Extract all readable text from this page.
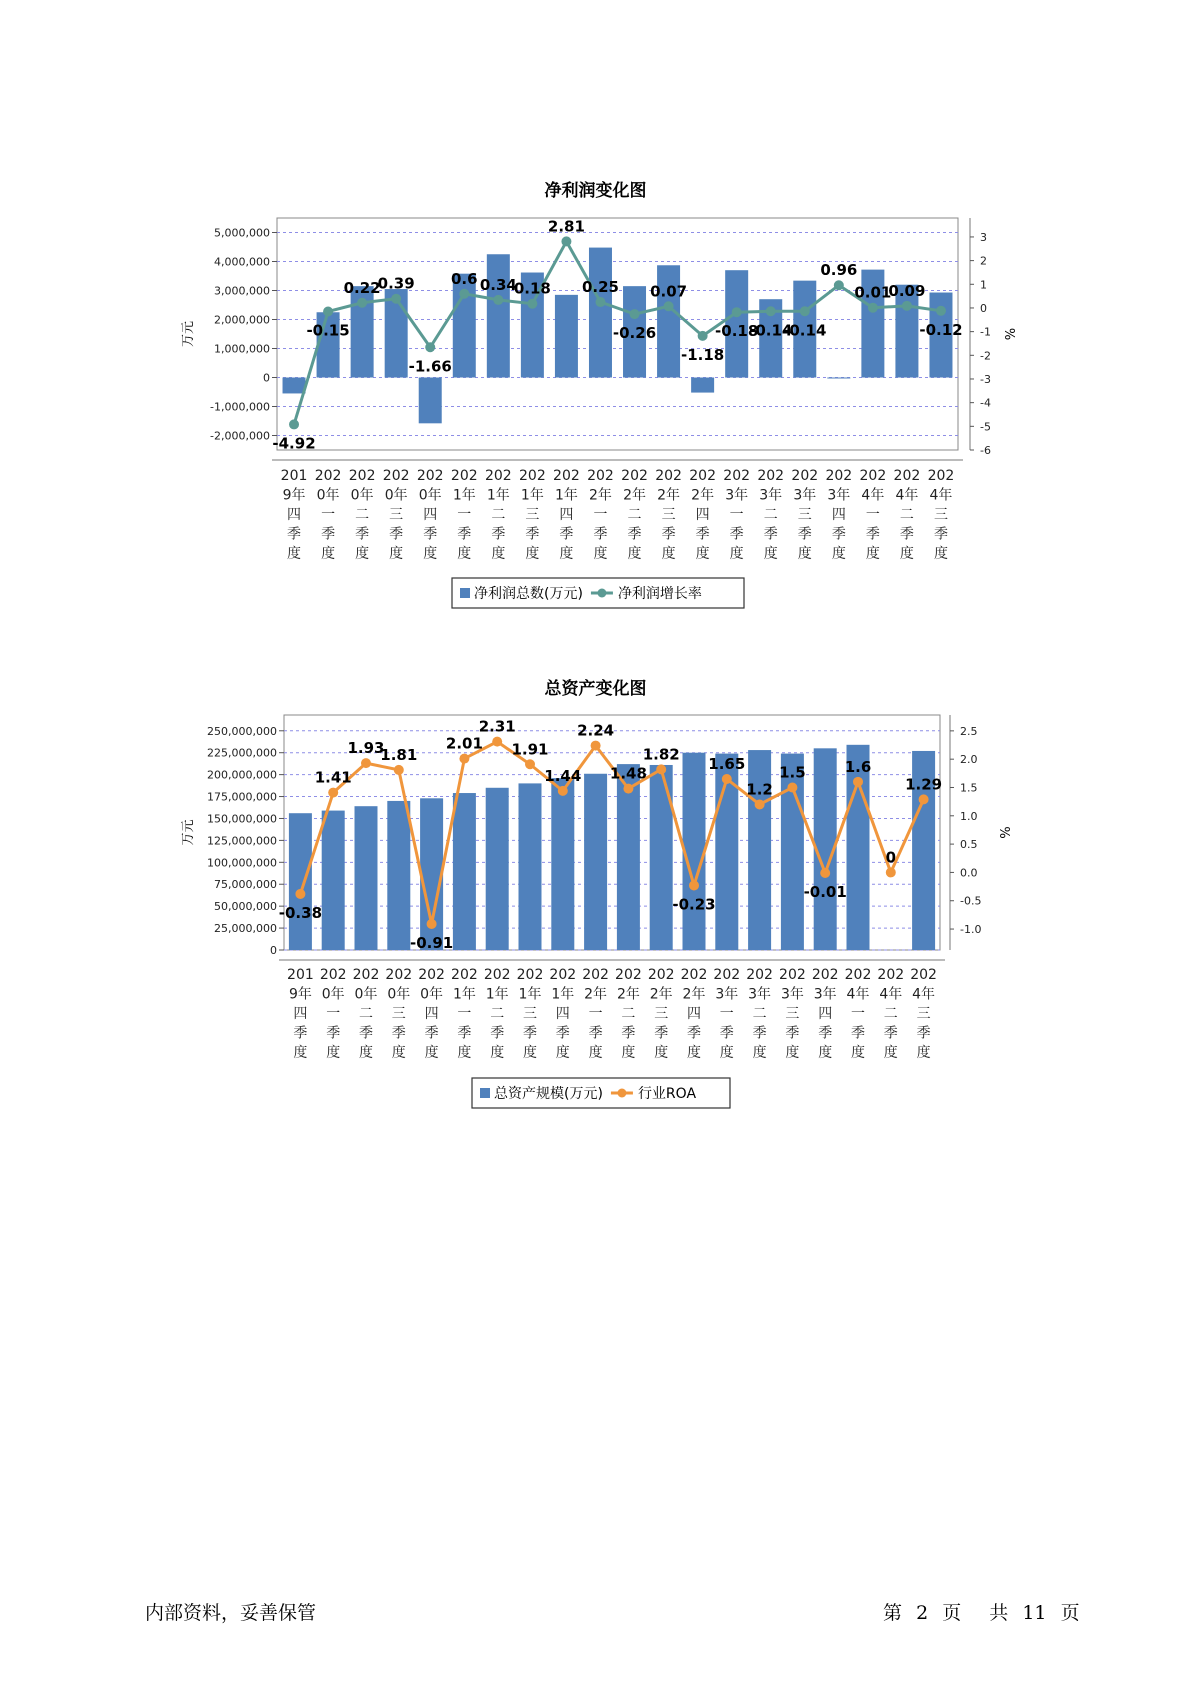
净利润变化图
5,000,000
4,000,000
3,000,000
2,000,000
1,000,000
0
-1,000,000
-2,000,000
万元
3
2
1
0
-1
-2
-3
-4
-5
-6
%
-4.92
-0.15
0.22
0.39
-1.66
0.6 0.34
0.18
2.81
0.25
-0.26
0.07
-1.18
-0.18
-0.14
-0.14
0.96
0.01
0.09
-0.12
201
9年
四
季
度
202
0年
一
季
度
202
0年
二
季
度
202
0年
三
季
度
202
0年
四
季
度
202
1年
一
季
度
202
1年
二
季
度
202
1年
三
季
度
202
1年
四
季
度
202
2年
一
季
度
202
2年
二
季
度
202
2年
三
季
度
202
2年
四
季
度
202
3年
一
季
度
202
3年
二
季
度
202
3年
三
季
度
202
3年
四
季
度
202
4年
一
季
度
202
4年
二
季
度
202
4年
三
季
度
净利润总数(万元)	净利润增长率
总资产变化图
250,000,000
225,000,000
200,000,000
175,000,000
150,000,000
125,000,000
100,000,000
75,000,000
50,000,000
25,000,000
0
万元
2.5
2.0
1.5
1.0
0.5
0.0
-0.5
-1.0
%
-0.38
1.41
1.93
1.81
-0.91
2.01
2.31
1.91
1.44
2.24
1.48
1.82
-0.23
1.65
1.2
1.5
-0.01
1.6
0
1.29
201
9年
四
季
度
202
0年
一
季
度
202
0年
二
季
度
202
0年
三
季
度
202
0年
四
季
度
202
1年
一
季
度
202
1年
二
季
度
202
1年
三
季
度
202
1年
四
季
度
202
2年
一
季
度
202
2年
二
季
度
202
2年
三
季
度
202
2年
四
季
度
202
3年
一
季
度
202
3年
二
季
度
202
3年
三
季
度
202
3年
四
季
度
202
4年
一
季
度
202
4年
二
季
度
202
4年
三
季
度
总资产规模(万元)	行业ROA
内部资料，妥善保管	第 2 页 共 11 页
